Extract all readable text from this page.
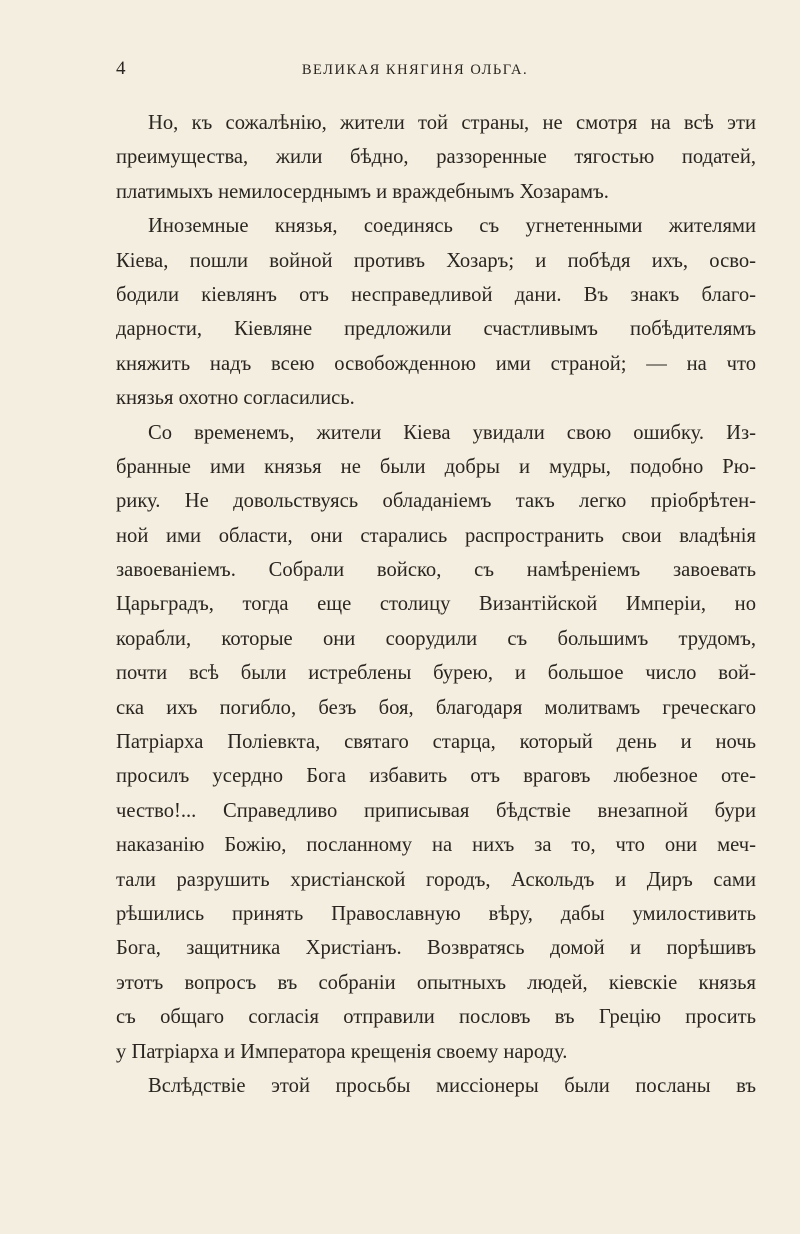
4	ВЕЛИКАЯ КНЯГИНЯ ОЛЬГА.
Но, къ сожалѣнію, жители той страны, не смотря на всѣ эти
преимущества, жили бѣдно, раззоренные тягостью податей,
платимыхъ немилосерднымъ и враждебнымъ Хозарамъ.
Иноземные князья, соединясь съ угнетенными жителями
Кіева, пошли войной противъ Хозаръ; и побѣдя ихъ, осво-
бодили кіевлянъ отъ несправедливой дани. Въ знакъ благо-
дарности, Кіевляне предложили счастливымъ побѣдителямъ
княжить надъ всею освобожденною ими страной; — на что
князья охотно согласились.
Со временемъ, жители Кіева увидали свою ошибку. Из-
бранные ими князья не были добры и мудры, подобно Рю-
рику. Не довольствуясь обладаніемъ такъ легко пріобрѣтен-
ной ими области, они старались распространить свои владѣнія
завоеваніемъ. Собрали войско, съ намѣреніемъ завоевать
Царьградъ, тогда еще столицу Византійской Имперіи, но
корабли, которые они соорудили съ большимъ трудомъ,
почти всѣ были истреблены бурею, и большое число вой-
ска ихъ погибло, безъ боя, благодаря молитвамъ греческаго
Патріарха Поліевкта, святаго старца, который день и ночь
просилъ усердно Бога избавить отъ враговъ любезное оте-
чество!... Справедливо приписывая бѣдствіе внезапной бури
наказанію Божію, посланному на нихъ за то, что они меч-
тали разрушить христіанской городъ, Аскольдъ и Диръ сами
рѣшились принять Православную вѣру, дабы умилостивить
Бога, защитника Христіанъ. Возвратясь домой и порѣшивъ
этотъ вопросъ въ собраніи опытныхъ людей, кіевскіе князья
съ общаго согласія отправили пословъ въ Грецію просить
у Патріарха и Императора крещенія своему народу.
Вслѣдствіе этой просьбы миссіонеры были посланы въ
